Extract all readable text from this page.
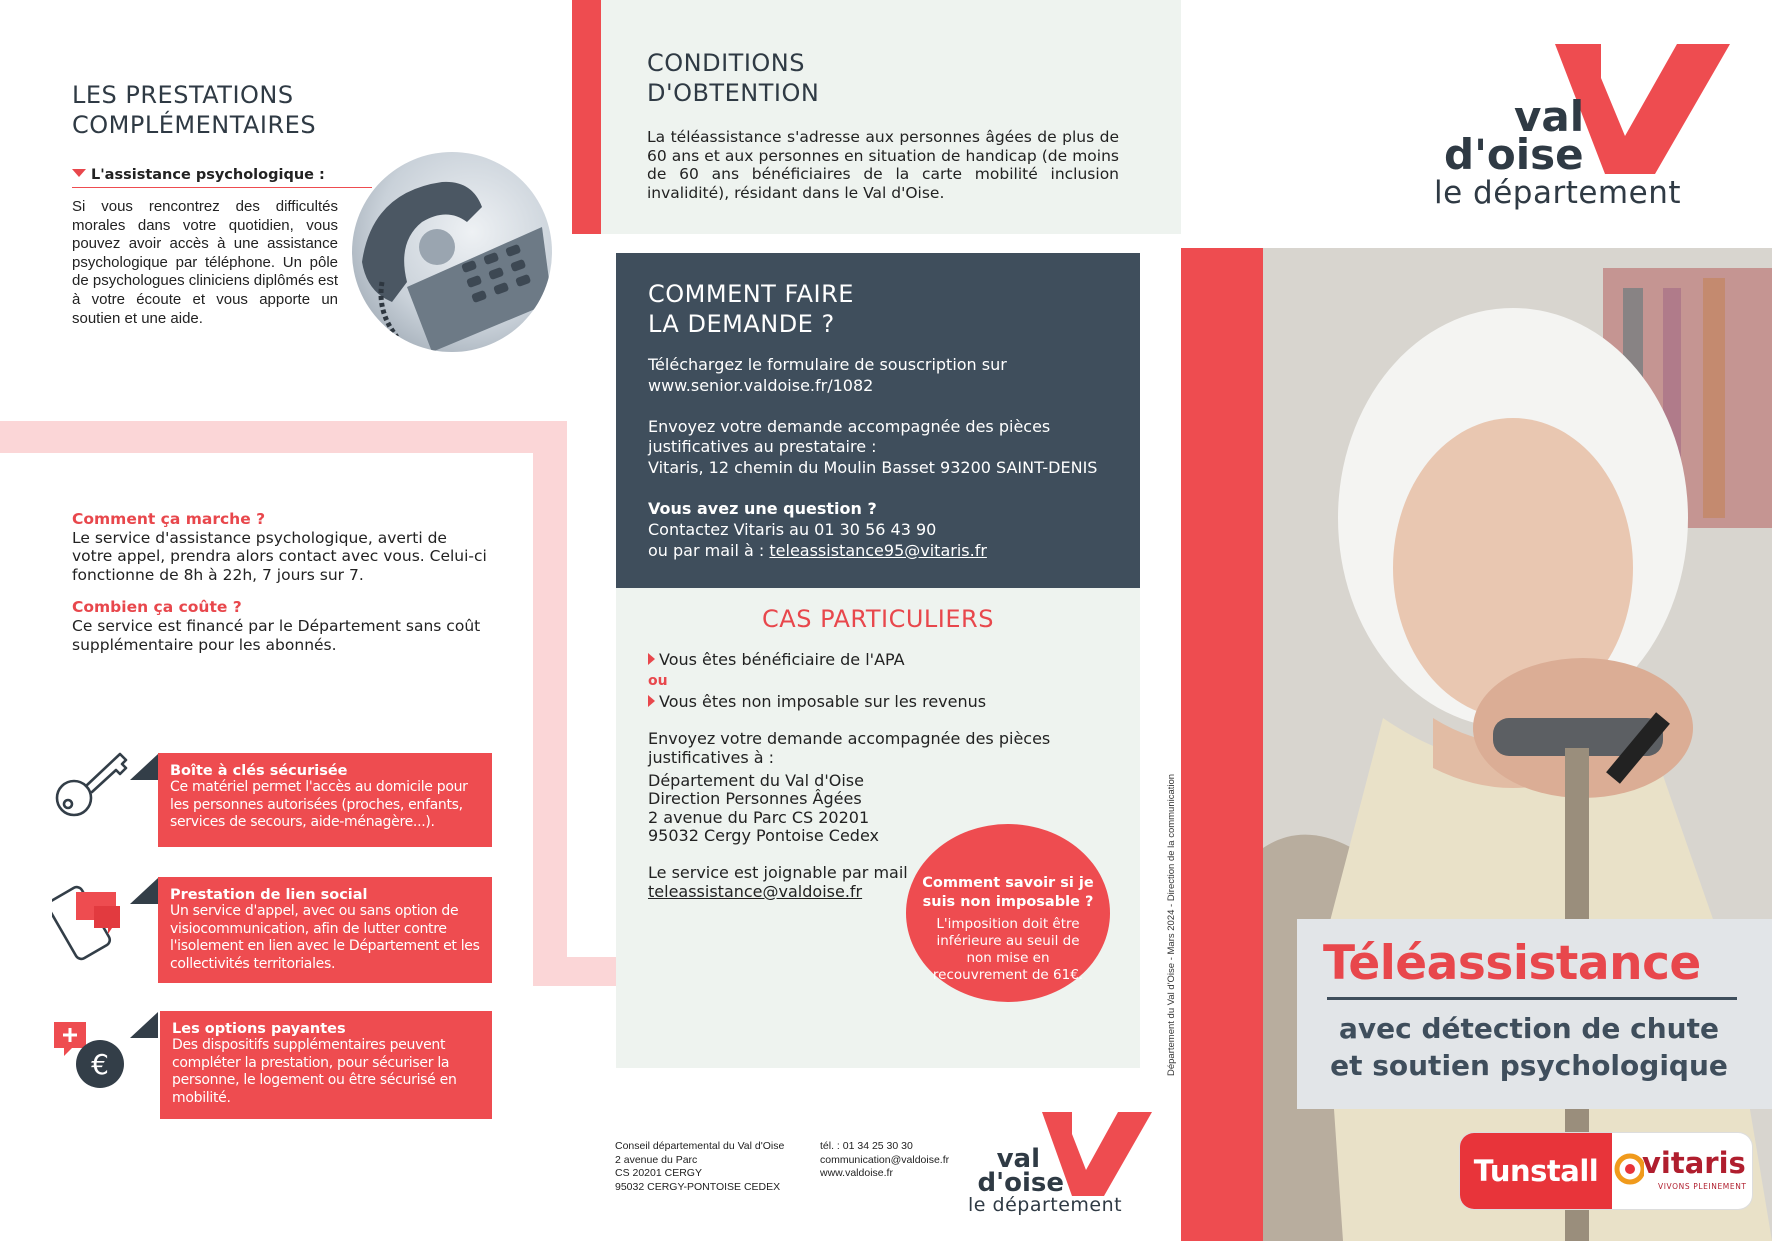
LES PRESTATIONS
COMPLÉMENTAIRES
L'assistance psychologique :
Si vous rencontrez des difficultés morales dans votre quotidien, vous pouvez avoir accès à une assistance psychologique par téléphone. Un pôle de psychologues cliniciens diplômés est à votre écoute et vous apporte un soutien et une aide.
Comment ça marche ?
Le service d'assistance psychologique, averti de votre appel, prendra alors contact avec vous. Celui-ci fonctionne de 8h à 22h, 7 jours sur 7.
Combien ça coûte ?
Ce service est financé par le Département sans coût supplémentaire pour les abonnés.
Boîte à clés sécurisée
Ce matériel permet l'accès au domicile pour les personnes autorisées (proches, enfants, services de secours, aide-ménagère...).
Prestation de lien social
Un service d'appel, avec ou sans option de visiocommunication, afin de lutter contre l'isolement en lien avec le Département et les collectivités territoriales.
€
Les options payantes
Des dispositifs supplémentaires peuvent compléter la prestation, pour sécuriser la personne, le logement ou être sécurisé en mobilité.
CONDITIONS
D'OBTENTION
La téléassistance s'adresse aux personnes âgées de plus de 60 ans et aux personnes en situation de handicap (de moins de 60 ans bénéficiaires de la carte mobilité inclusion invalidité), résidant dans le Val d'Oise.
COMMENT FAIRE
LA DEMANDE ?
Téléchargez le formulaire de souscription sur
www.senior.valdoise.fr/1082
Envoyez votre demande accompagnée des pièces
justificatives au prestataire :
Vitaris, 12 chemin du Moulin Basset 93200 SAINT-DENIS
Vous avez une question ?
Contactez Vitaris au 01 30 56 43 90
ou par mail à : teleassistance95@vitaris.fr
CAS PARTICULIERS
Vous êtes bénéficiaire de l'APA
ou
Vous êtes non imposable sur les revenus
Envoyez votre demande accompagnée des pièces
justificatives à :
Département du Val d'Oise
Direction Personnes Âgées
2 avenue du Parc CS 20201
95032 Cergy Pontoise Cedex
Le service est joignable par mail
teleassistance@valdoise.fr	Comment savoir si je suis non imposable ?
L'imposition doit être inférieure au seuil de non mise en recouvrement de 61€.
Conseil départemental du Val d'Oise
2 avenue du Parc
CS 20201 CERGY
95032 CERGY-PONTOISE CEDEX
tél. : 01 34 25 30 30
communication@valdoise.fr
www.valdoise.fr	val
d'oise
le département
Département du Val d'Oise - Mars 2024 - Direction de la communication
val
d'oise
le département
Téléassistance
avec détection de chute
et soutien psychologique
Tunstall	vitaris
VIVONS PLEINEMENT
